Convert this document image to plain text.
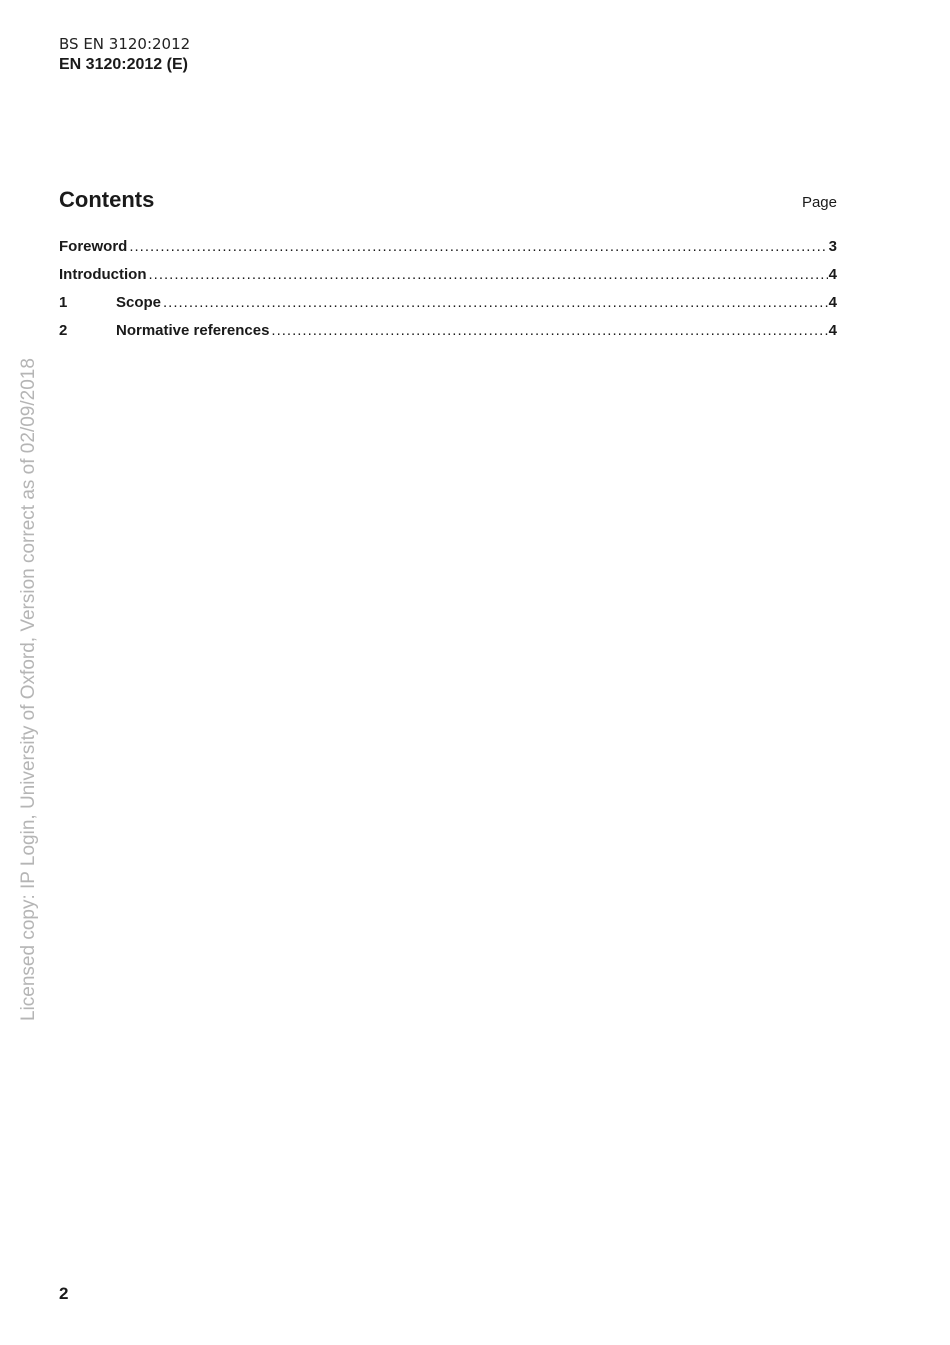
BS EN 3120:2012
EN 3120:2012 (E)
Contents	Page
Foreword .....	3
Introduction .....	4
1	Scope .....	4
2	Normative references .....	4
Licensed copy: IP Login, University of Oxford, Version correct as of 02/09/2018
2
